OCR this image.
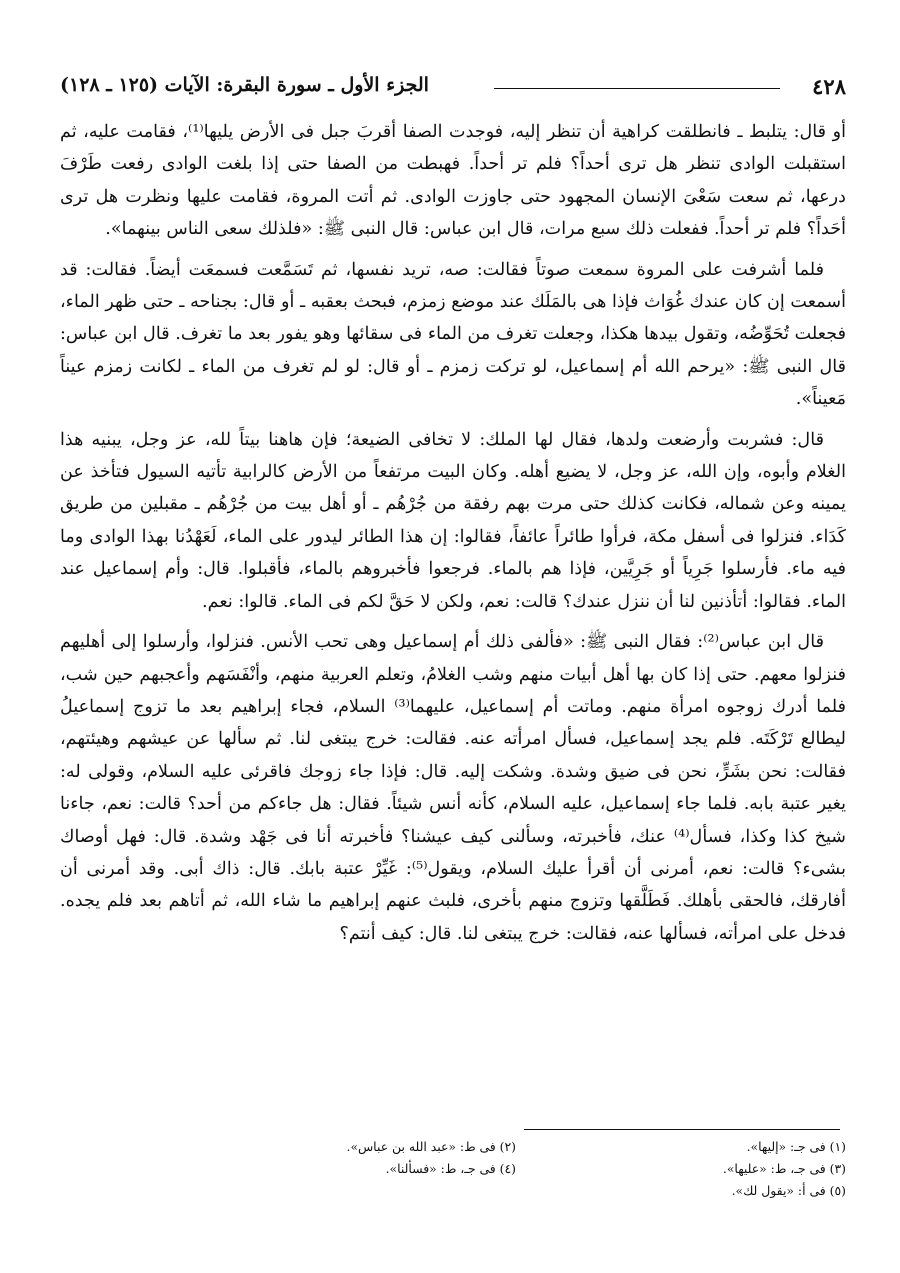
٤٢٨
الجزء الأول ـ سورة البقرة: الآيات (١٢٥ ـ ١٢٨)

أو قال: يتلبط ـ فانطلقت كراهية أن تنظر إليه، فوجدت الصفا أقربَ جبل فى الأرض يليها⁽¹⁾، فقامت عليه، ثم استقبلت الوادى تنظر هل ترى أحداً؟ فلم تر أحداً. فهبطت من الصفا حتى إذا بلغت الوادى رفعت طَرْفَ درعها، ثم سعت سَعْىَ الإنسان المجهود حتى جاوزت الوادى. ثم أتت المروة، فقامت عليها ونظرت هل ترى أحَداً؟ فلم تر أحداً. ففعلت ذلك سبع مرات، قال ابن عباس: قال النبى ﷺ: «فلذلك سعى الناس بينهما».

فلما أشرفت على المروة سمعت صوتاً فقالت: صه، تريد نفسها، ثم تَسَمَّعت فسمعَت أيضاً. فقالت: قد أسمعت إن كان عندك غُوَاث فإذا هى بالمَلَك عند موضع زمزم، فبحث بعقبه ـ أو قال: بجناحه ـ حتى ظهر الماء، فجعلت تُحَوِّضُه، وتقول بيدها هكذا، وجعلت تغرف من الماء فى سقائها وهو يفور بعد ما تغرف. قال ابن عباس: قال النبى ﷺ: «يرحم الله أم إسماعيل، لو تركت زمزم ـ أو قال: لو لم تغرف من الماء ـ لكانت زمزم عيناً مَعيناً».

قال: فشربت وأرضعت ولدها، فقال لها الملك: لا تخافى الضيعة؛ فإن هاهنا بيتاً لله، عز وجل، يبنيه هذا الغلام وأبوه، وإن الله، عز وجل، لا يضيع أهله. وكان البيت مرتفعاً من الأرض كالرابية تأتيه السيول فتأخذ عن يمينه وعن شماله، فكانت كذلك حتى مرت بهم رفقة من جُرْهُم ـ أو أهل بيت من جُرْهُم ـ مقبلين من طريق كَدَاء. فنزلوا فى أسفل مكة، فرأوا طائراً عائفاً، فقالوا: إن هذا الطائر ليدور على الماء، لَعَهْدُنا بهذا الوادى وما فيه ماء. فأرسلوا جَرِياً أو جَرِيَّين، فإذا هم بالماء. فرجعوا فأخبروهم بالماء، فأقبلوا. قال: وأم إسماعيل عند الماء. فقالوا: أتأذنين لنا أن ننزل عندك؟ قالت: نعم، ولكن لا حَقَّ لكم فى الماء. قالوا: نعم.

قال ابن عباس⁽²⁾: فقال النبى ﷺ: «فألفى ذلك أم إسماعيل وهى تحب الأنس. فنزلوا، وأرسلوا إلى أهليهم فنزلوا معهم. حتى إذا كان بها أهل أبيات منهم وشب الغلامُ، وتعلم العربية منهم، وأنْفَسَهم وأعجبهم حين شب، فلما أدرك زوجوه امرأة منهم. وماتت أم إسماعيل، عليهما⁽³⁾ السلام، فجاء إبراهيم بعد ما تزوج إسماعيلُ ليطالع تَرْكَتَه. فلم يجد إسماعيل، فسأل امرأته عنه. فقالت: خرج يبتغى لنا. ثم سألها عن عيشهم وهيئتهم، فقالت: نحن بشَرٍّ، نحن فى ضيق وشدة. وشكت إليه. قال: فإذا جاء زوجك فاقرئى عليه السلام، وقولى له: يغير عتبة بابه. فلما جاء إسماعيل، عليه السلام، كأنه أنس شيئاً. فقال: هل جاءكم من أحد؟ قالت: نعم، جاءنا شيخ كذا وكذا، فسأل⁽⁴⁾ عنك، فأخبرته، وسألنى كيف عيشنا؟ فأخبرته أنا فى جَهْد وشدة. قال: فهل أوصاك بشىء؟ قالت: نعم، أمرنى أن أقرأ عليك السلام، ويقول⁽⁵⁾: غَيِّرْ عتبة بابك. قال: ذاك أبى. وقد أمرنى أن أفارقك، فالحقى بأهلك. فَطَلَّقها وتزوج منهم بأخرى، فلبث عنهم إبراهيم ما شاء الله، ثم أتاهم بعد فلم يجده. فدخل على امرأته، فسألها عنه، فقالت: خرج يبتغى لنا. قال: كيف أنتم؟

(١) فى جـ: «إليها».
(٢) فى ط: «عبد الله بن عباس».
(٣) فى جـ، ط: «عليها».
(٤) فى جـ، ط: «فسألنا».
(٥) فى أ: «يقول لك».
